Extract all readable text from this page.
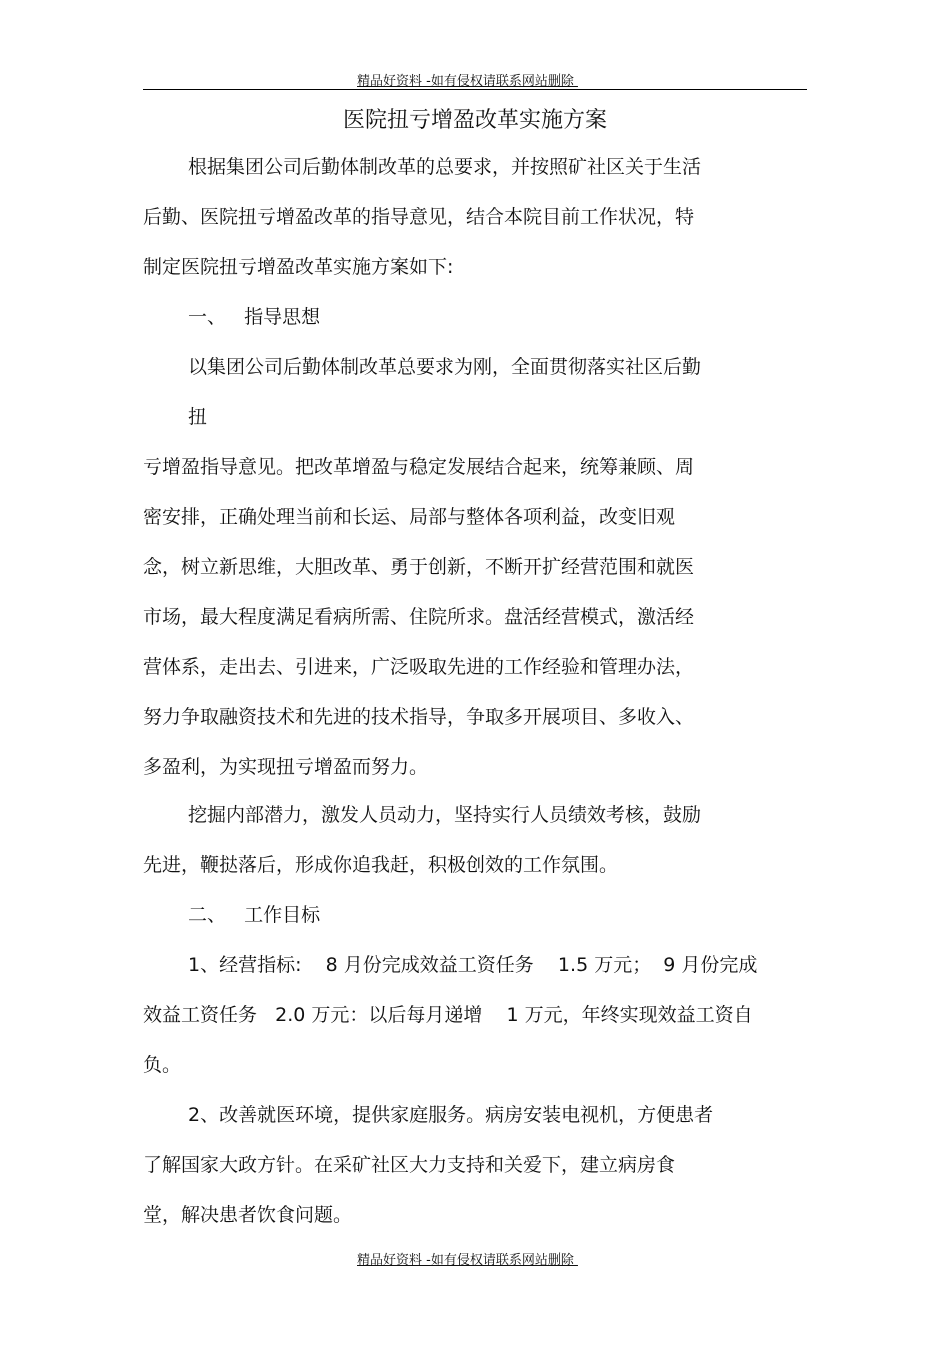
精品好资料 -如有侵权请联系网站删除
医院扭亏增盈改革实施方案
根据集团公司后勤体制改革的总要求，并按照矿社区关于生活
后勤、医院扭亏增盈改革的指导意见，结合本院目前工作状况，特
制定医院扭亏增盈改革实施方案如下:
一、   指导思想
以集团公司后勤体制改革总要求为刚，全面贯彻落实社区后勤
扭
亏增盈指导意见。把改革增盈与稳定发展结合起来，统筹兼顾、周
密安排，正确处理当前和长运、局部与整体各项利益，改变旧观
念，树立新思维，大胆改革、勇于创新，不断开扩经营范围和就医
市场，最大程度满足看病所需、住院所求。盘活经营模式，激活经
营体系，走出去、引进来，广泛吸取先进的工作经验和管理办法，
努力争取融资技术和先进的技术指导，争取多开展项目、多收入、
多盈利，为实现扭亏增盈而努力。
挖掘内部潜力，激发人员动力，坚持实行人员绩效考核，鼓励
先进，鞭挞落后，形成你追我赶，积极创效的工作氛围。
二、   工作目标
1、经营指标:    8 月份完成效益工资任务    1.5 万元；  9 月份完成
效益工资任务   2.0 万元：以后每月递增    1 万元，年终实现效益工资自
负。
2、改善就医环境，提供家庭服务。病房安装电视机，方便患者
了解国家大政方针。在采矿社区大力支持和关爱下，建立病房食
堂，解决患者饮食问题。
精品好资料 -如有侵权请联系网站删除
